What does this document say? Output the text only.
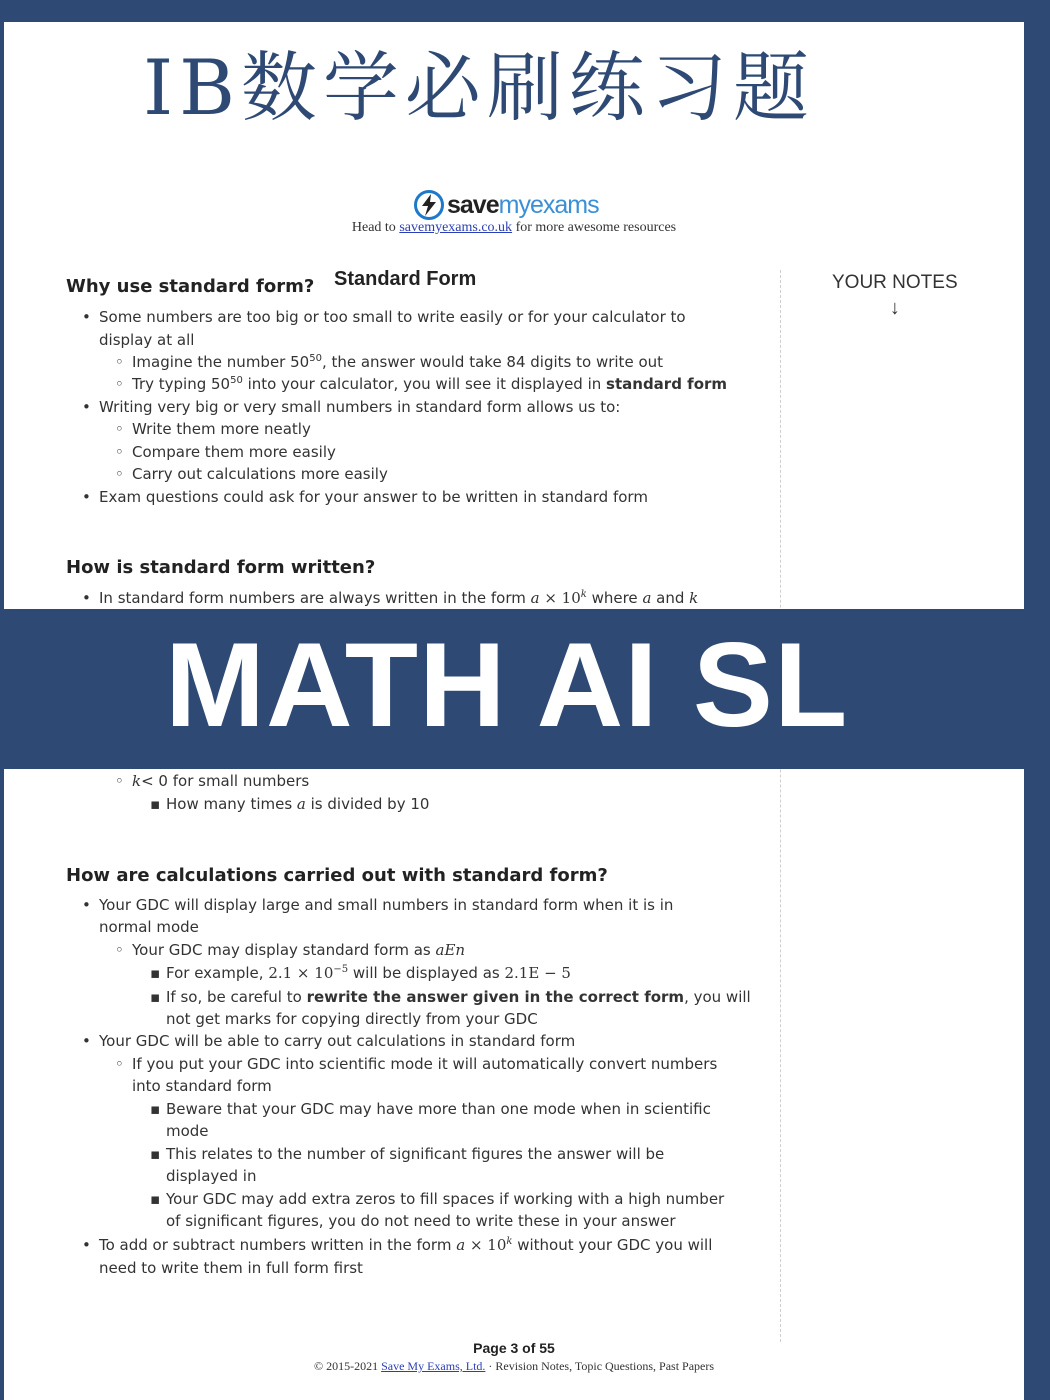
IB数学必刷练习题
save myexams
Head to savemyexams.co.uk for more awesome resources
Standard Form	YOUR NOTES
↓
Why use standard form?
• Some numbers are too big or too small to write easily or for your calculator to
display at all
◦ Imagine the number $50^{50}$, the answer would take 84 digits to write out
◦ Try typing $50^{50}$ into your calculator, you will see it displayed in standard form
• Writing very big or very small numbers in standard form allows us to:
◦ Write them more neatly
◦ Compare them more easily
◦ Carry out calculations more easily
• Exam questions could ask for your answer to be written in standard form
How is standard form written?
• In standard form numbers are always written in the form $a \times 10^k$ where a and k
◦ k< 0 for small numbers
▪ How many times a is divided by 10
How are calculations carried out with standard form?
• Your GDC will display large and small numbers in standard form when it is in
normal mode
◦ Your GDC may display standard form as aEn
▪ For example, $2.1 \times 10^{-5}$ will be displayed as 2.1E − 5
▪ If so, be careful to rewrite the answer given in the correct form, you will
not get marks for copying directly from your GDC
• Your GDC will be able to carry out calculations in standard form
◦ If you put your GDC into scientific mode it will automatically convert numbers
into standard form
▪ Beware that your GDC may have more than one mode when in scientific
mode
▪ This relates to the number of significant figures the answer will be
displayed in
▪ Your GDC may add extra zeros to fill spaces if working with a high number
of significant figures, you do not need to write these in your answer
• To add or subtract numbers written in the form $a \times 10^k$ without your GDC you will
need to write them in full form first
Page 3 of 55
© 2015-2021 Save My Exams, Ltd. · Revision Notes, Topic Questions, Past Papers
MATH AI SL
